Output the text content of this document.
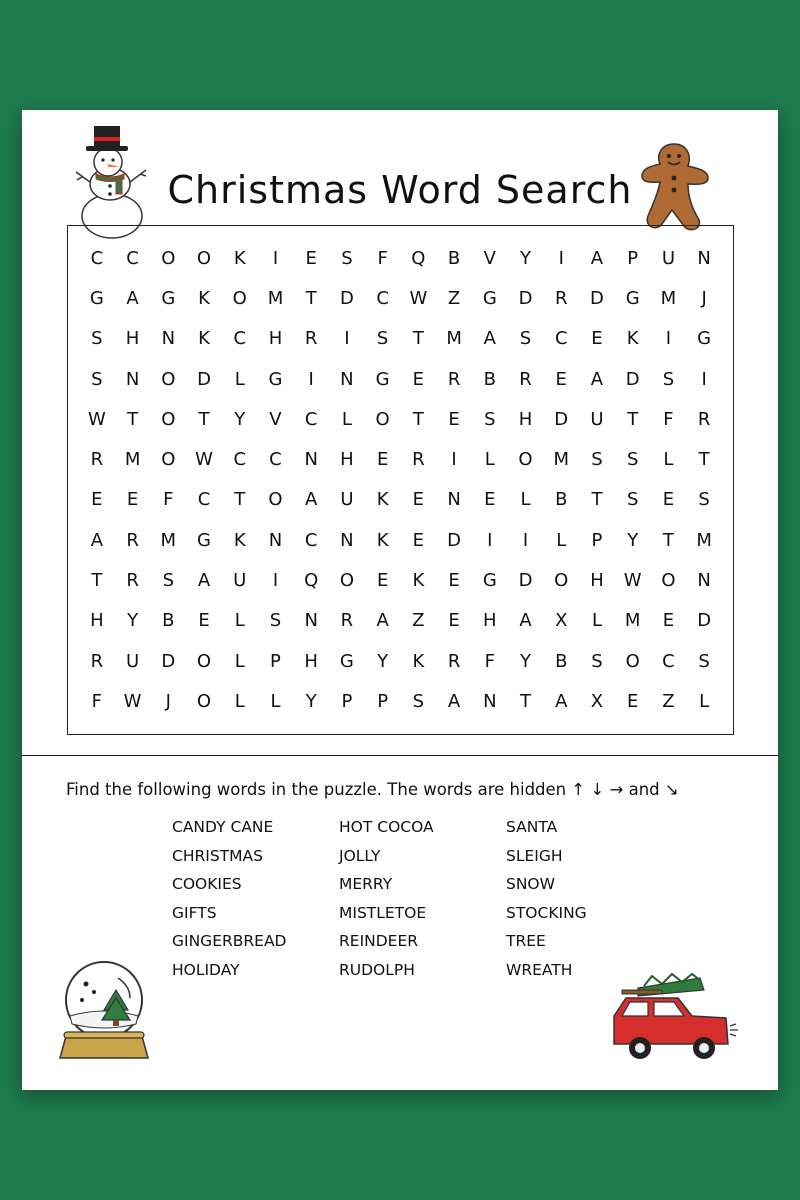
Christmas Word Search
C	C	O	O	K	I	E	S	F	Q	B	V	Y	I	A	P	U	N
G	A	G	K	O	M	T	D	C	W	Z	G	D	R	D	G	M	J
S	H	N	K	C	H	R	I	S	T	M	A	S	C	E	K	I	G
S	N	O	D	L	G	I	N	G	E	R	B	R	E	A	D	S	I
W	T	O	T	Y	V	C	L	O	T	E	S	H	D	U	T	F	R
R	M	O	W	C	C	N	H	E	R	I	L	O	M	S	S	L	T
E	E	F	C	T	O	A	U	K	E	N	E	L	B	T	S	E	S
A	R	M	G	K	N	C	N	K	E	D	I	I	L	P	Y	T	M
T	R	S	A	U	I	Q	O	E	K	E	G	D	O	H	W	O	N
H	Y	B	E	L	S	N	R	A	Z	E	H	A	X	L	M	E	D
R	U	D	O	L	P	H	G	Y	K	R	F	Y	B	S	O	C	S
F	W	J	O	L	L	Y	P	P	S	A	N	T	A	X	E	Z	L
Find the following words in the puzzle. The words are hidden ↑ ↓ → and ↘
CANDY CANE	HOT COCOA	SANTA
CHRISTMAS	JOLLY	SLEIGH
COOKIES	MERRY	SNOW
GIFTS	MISTLETOE	STOCKING
GINGERBREAD	REINDEER	TREE
HOLIDAY	RUDOLPH	WREATH
